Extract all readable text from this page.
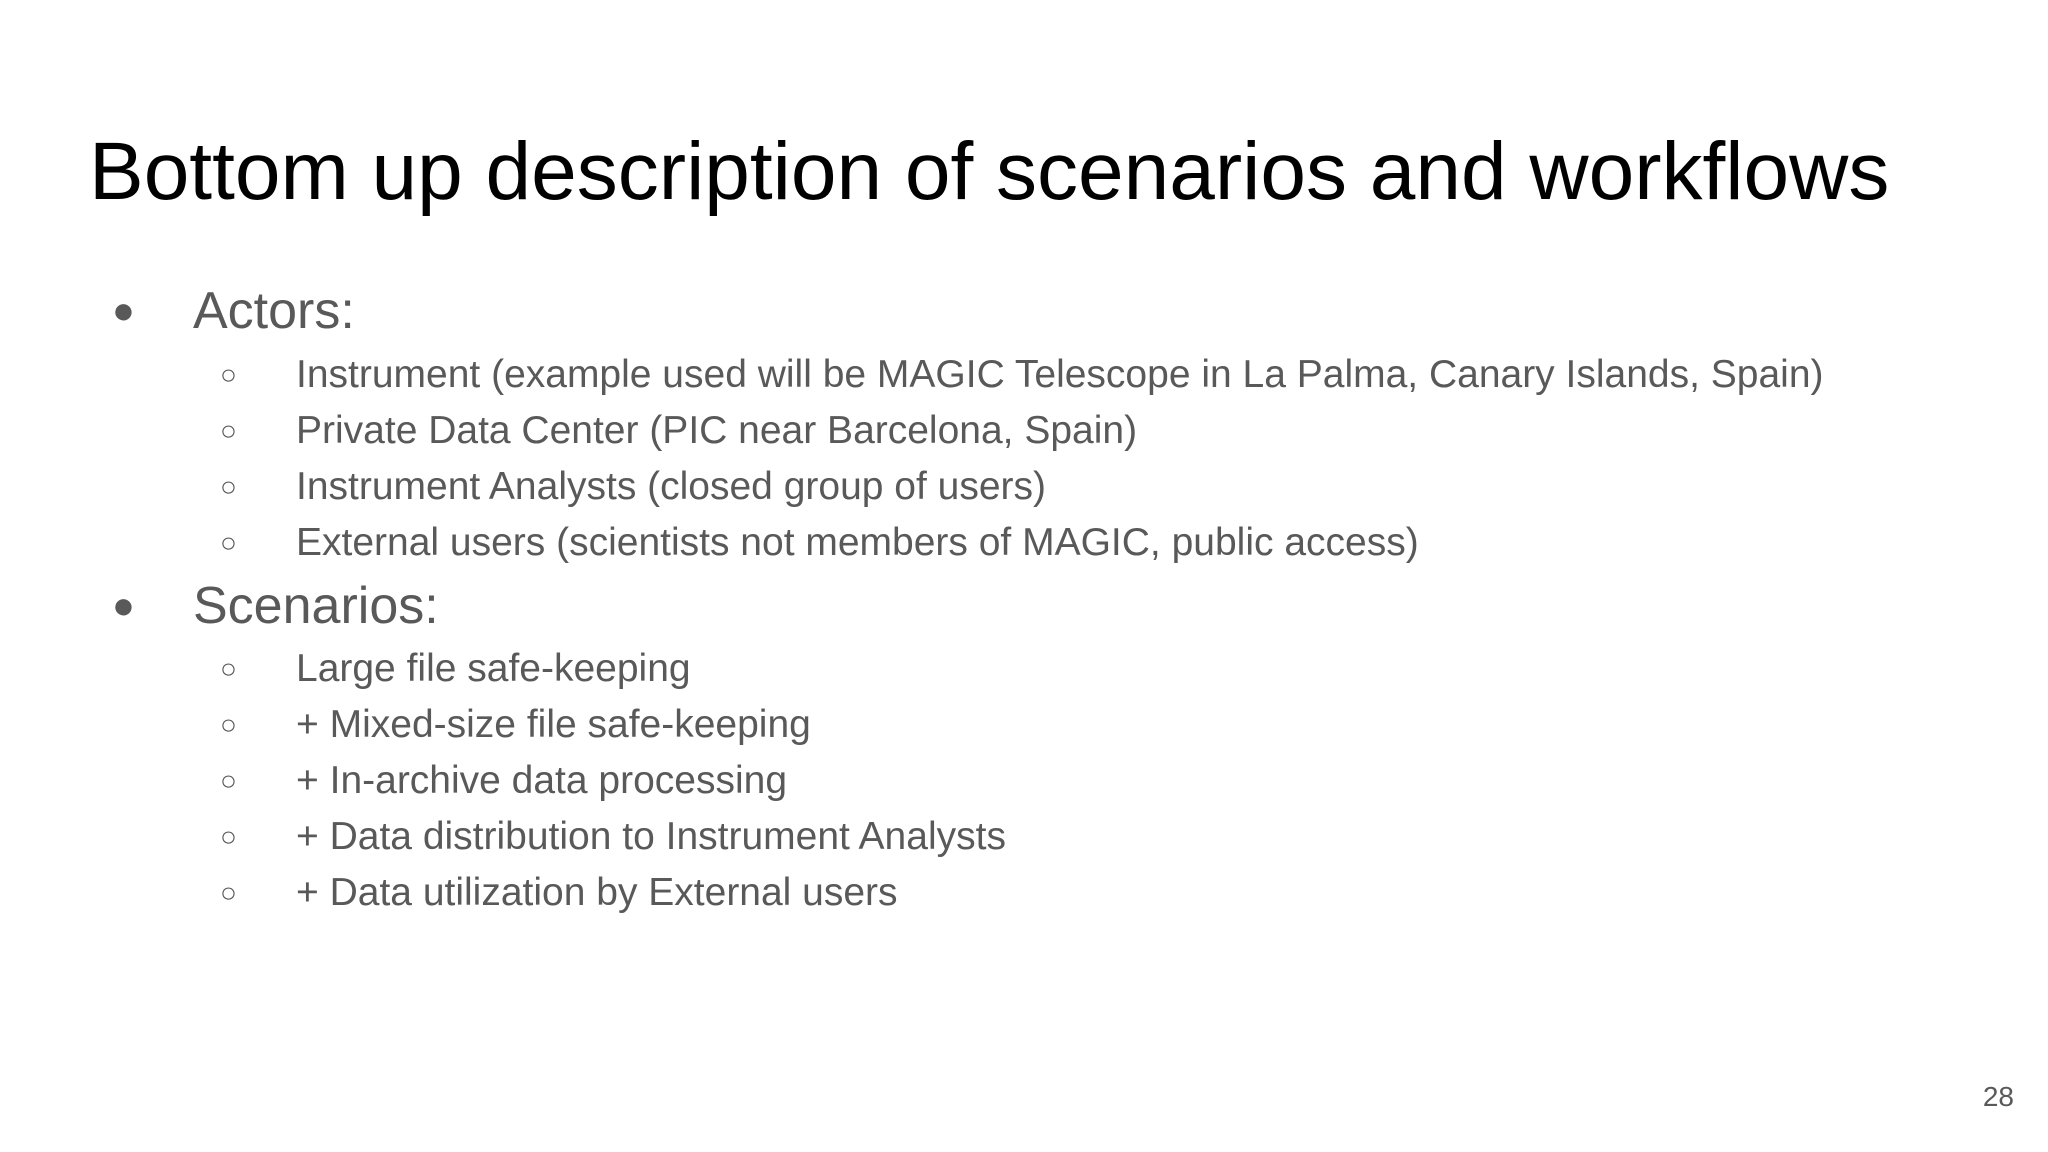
Bottom up description of scenarios and workflows
● Actors:
○ Instrument (example used will be MAGIC Telescope in La Palma, Canary Islands, Spain)
○ Private Data Center (PIC near Barcelona, Spain)
○ Instrument Analysts (closed group of users)
○ External users (scientists not members of MAGIC, public access)
● Scenarios:
○ Large file safe-keeping
○ + Mixed-size file safe-keeping
○ + In-archive data processing
○ + Data distribution to Instrument Analysts
○ + Data utilization by External users
28
